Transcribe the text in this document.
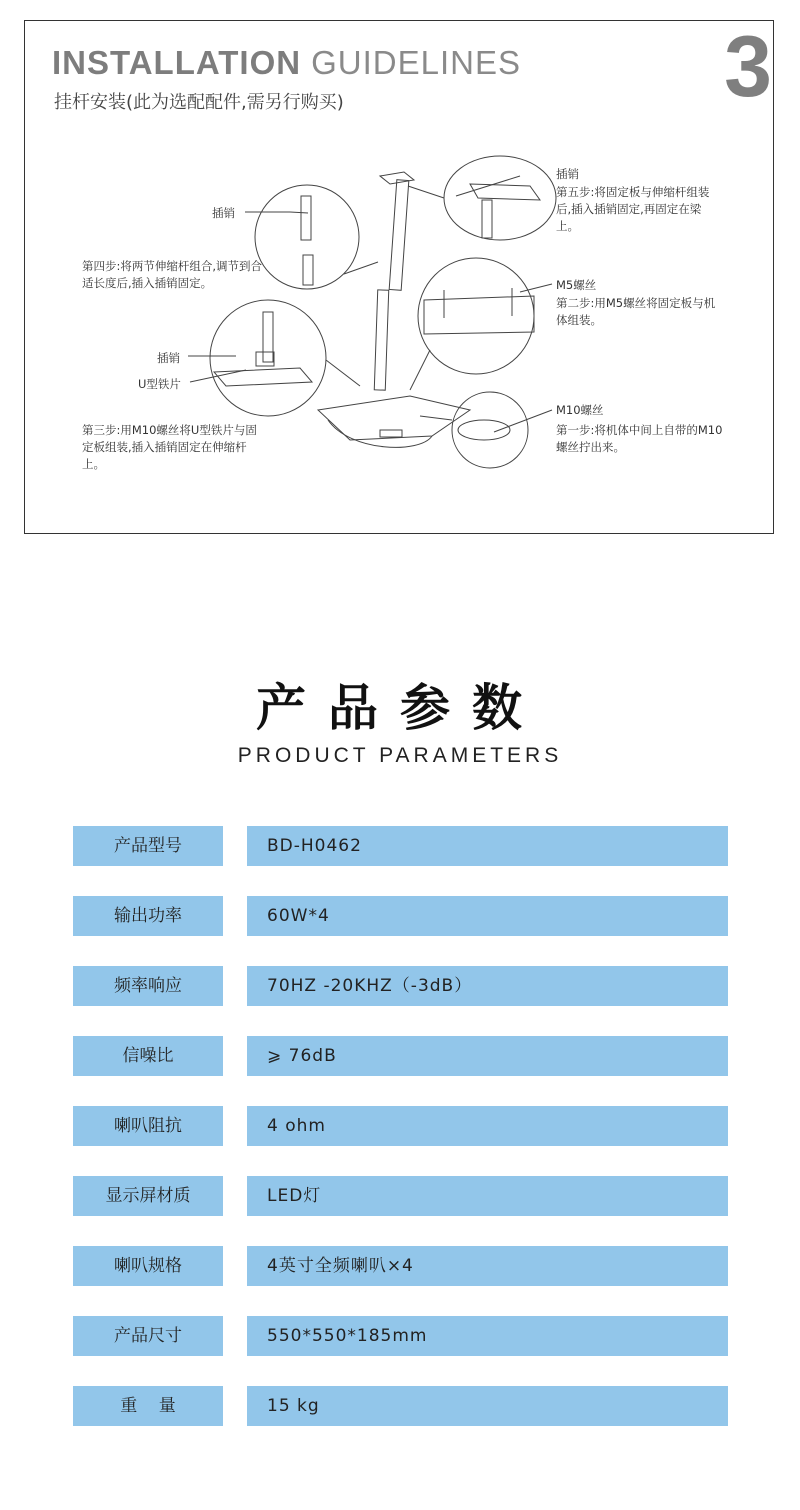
INSTALLATION GUIDELINES
挂杆安装(此为选配配件,需另行购买)	3
插销
插销
U型铁片
插销
M5螺丝
M10螺丝
第四步:将两节伸缩杆组合,调节到合适长度后,插入插销固定。
第三步:用M10螺丝将U型铁片与固定板组装,插入插销固定在伸缩杆上。
第五步:将固定板与伸缩杆组装后,插入插销固定,再固定在梁上。
第二步:用M5螺丝将固定板与机体组装。
第一步:将机体中间上自带的M10螺丝拧出来。
产品参数
PRODUCT PARAMETERS
产品型号	BD-H0462
输出功率	60W*4
频率响应	70HZ -20KHZ（-3dB）
信噪比	⩾ 76dB
喇叭阻抗	4 ohm
显示屏材质	LED灯
喇叭规格	4英寸全频喇叭×4
产品尺寸	550*550*185mm
重    量	15 kg
